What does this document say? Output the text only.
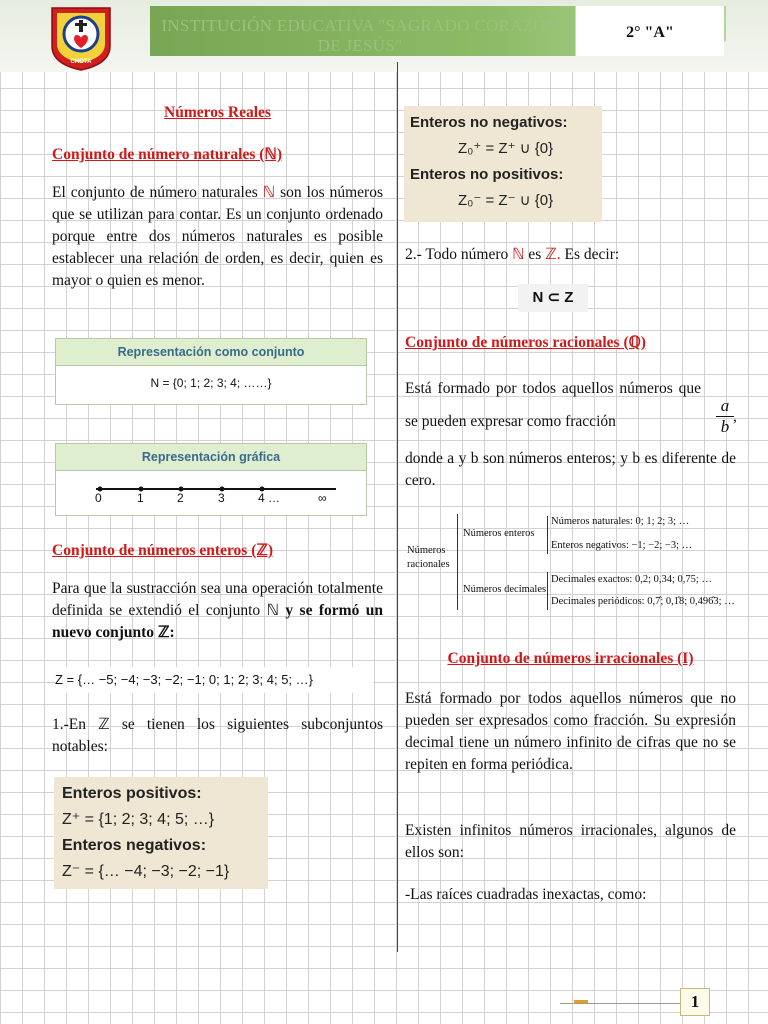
INSTITUCIÓN EDUCATIVA "SAGRADO CORAZÓN DE JESÚS"
2° "A"
CHOTA
Números Reales
Conjunto de número naturales (ℕ)
El conjunto de número naturales ℕ son los números que se utilizan para contar. Es un conjunto ordenado porque entre dos números naturales es posible establecer una relación de orden, es decir, quien es mayor o quien es menor.
Representación como conjunto
N = {0; 1; 2; 3; 4; ……}
Representación gráfica
0	1	2	3	4 …	∞
Conjunto de números enteros (ℤ)
Para que la sustracción sea una operación totalmente definida se extendió el conjunto ℕ y se formó un nuevo conjunto ℤ:
Z = {… −5; −4; −3; −2; −1; 0; 1; 2; 3; 4; 5; …}
1.-En ℤ se tienen los siguientes subconjuntos notables:
Enteros positivos:
Z⁺ = {1; 2; 3; 4; 5; …}
Enteros negativos:
Z⁻ = {… −4; −3; −2; −1}
Enteros no negativos:
Z₀⁺ = Z⁺ ∪ {0}
Enteros no positivos:
Z₀⁻ = Z⁻ ∪ {0}
2.- Todo número ℕ es ℤ. Es decir:
N ⊂ Z
Conjunto de números racionales (ℚ)
Está formado por todos aquellos números que se pueden expresar como fracción
a
b
,
donde a y b son números enteros; y b es diferente de cero.
Números racionales
Números enteros
Números decimales
Números naturales: 0; 1; 2; 3; …
Enteros negativos: −1; −2; −3; …
Decimales exactos: 0,2; 0,34; 0,75; …
Decimales periódicos: 0,7̂; 0,1̂8; 0,496̂3; …
Conjunto de números irracionales (I)
Está formado por todos aquellos números que no pueden ser expresados como fracción. Su expresión decimal tiene un número infinito de cifras que no se repiten en forma periódica.
Existen infinitos números irracionales, algunos de ellos son:
-Las raíces cuadradas inexactas, como:
1
